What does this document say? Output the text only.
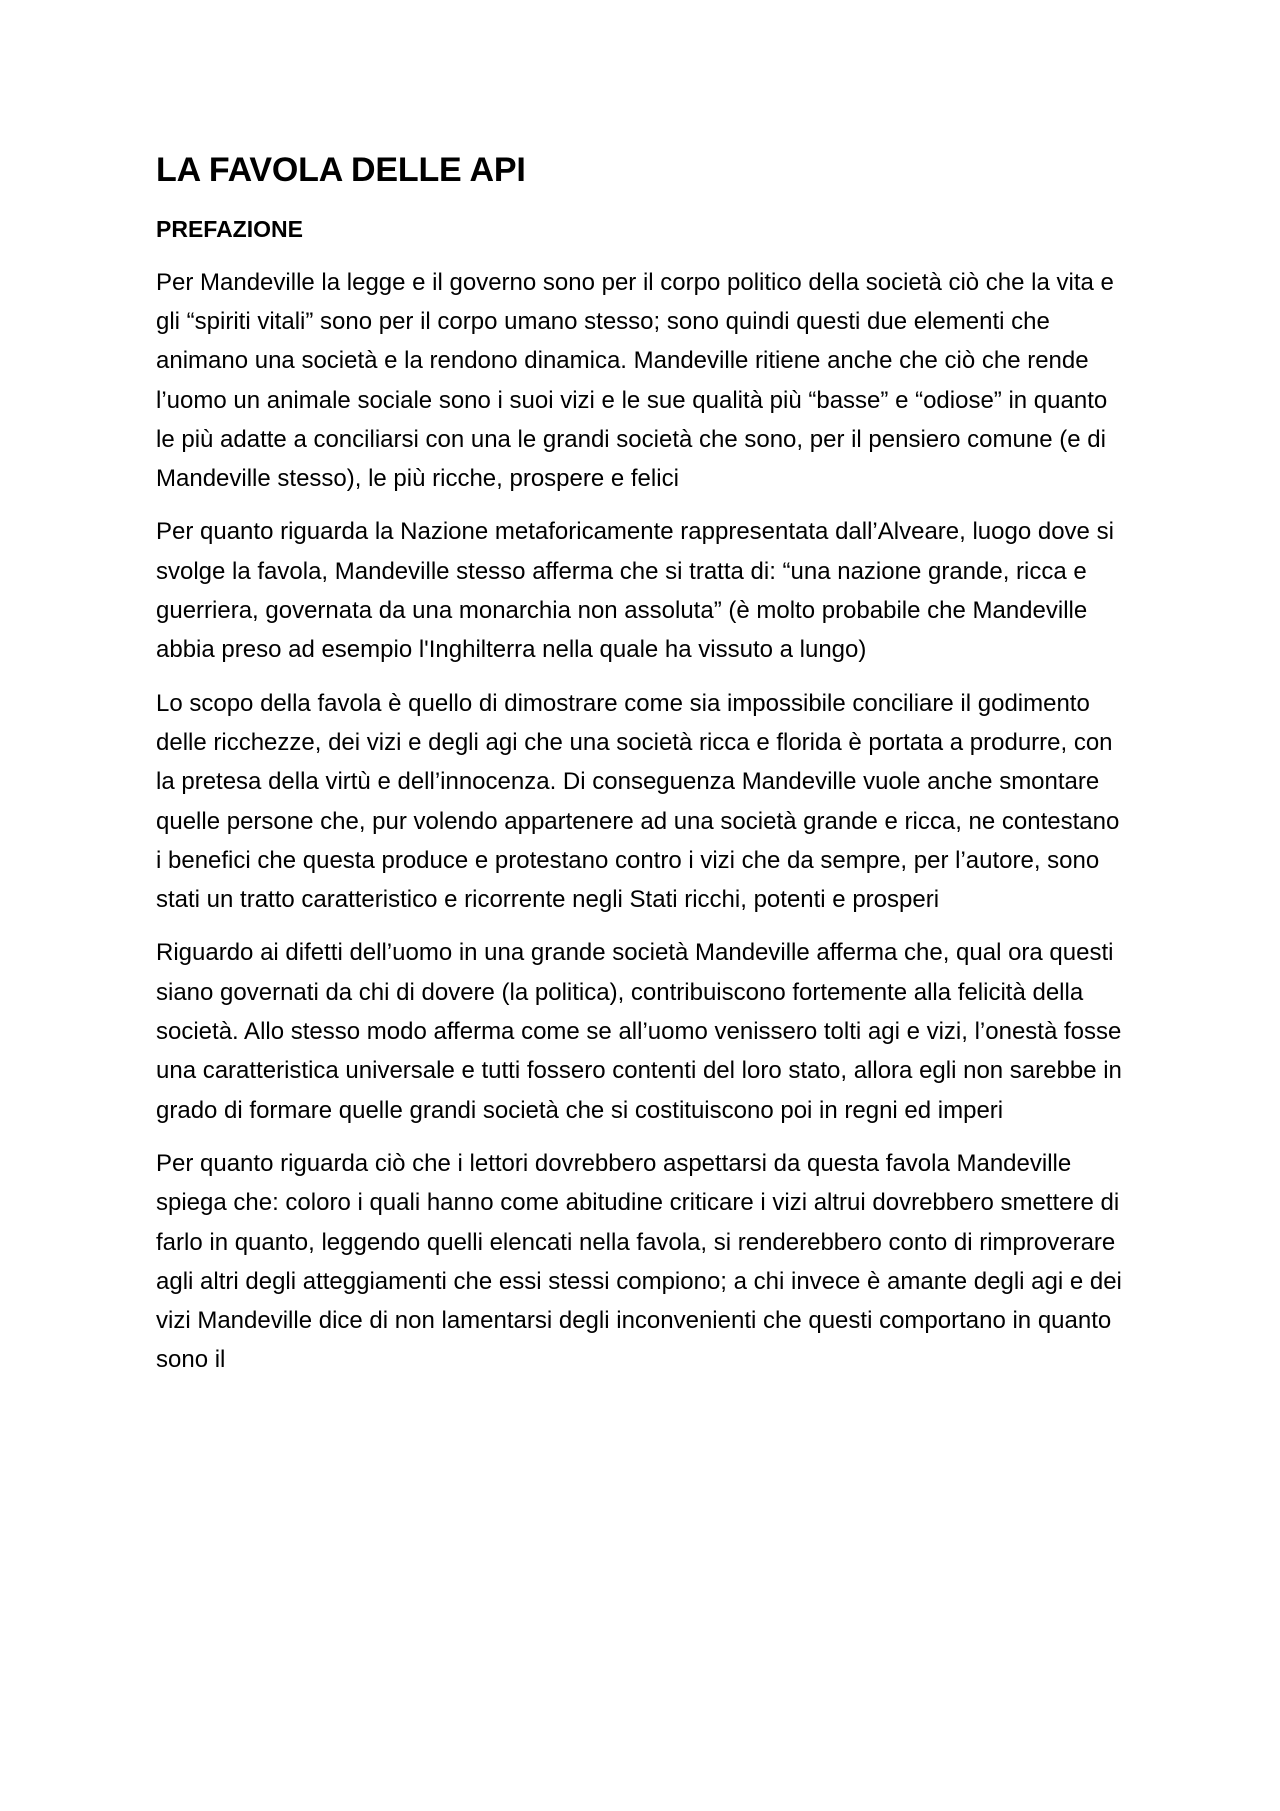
LA FAVOLA DELLE API
PREFAZIONE

Per Mandeville la legge e il governo sono per il corpo politico della società ciò che la vita e gli “spiriti vitali” sono per il corpo umano stesso; sono quindi questi due elementi che animano una società e la rendono dinamica. Mandeville ritiene anche che ciò che rende l’uomo un animale sociale sono i suoi vizi e le sue qualità più “basse” e “odiose” in quanto le più adatte a conciliarsi con una le grandi società che sono, per il pensiero comune (e di Mandeville stesso), le più ricche, prospere e felici

Per quanto riguarda la Nazione metaforicamente rappresentata dall’Alveare, luogo dove si svolge la favola, Mandeville stesso afferma che si tratta di: “una nazione grande, ricca e guerriera, governata da una monarchia non assoluta” (è molto probabile che Mandeville abbia preso ad esempio l'Inghilterra nella quale ha vissuto a lungo)

Lo scopo della favola è quello di dimostrare come sia impossibile conciliare il godimento delle ricchezze, dei vizi e degli agi che una società ricca e florida è portata a produrre, con la pretesa della virtù e dell’innocenza. Di conseguenza Mandeville vuole anche smontare quelle persone che, pur volendo appartenere ad una società grande e ricca, ne contestano i benefici che questa produce e protestano contro i vizi che da sempre, per l’autore, sono stati un tratto caratteristico e ricorrente negli Stati ricchi, potenti e prosperi

Riguardo ai difetti dell’uomo in una grande società Mandeville afferma che, qual ora questi siano governati da chi di dovere (la politica), contribuiscono fortemente alla felicità della società. Allo stesso modo afferma come se all’uomo venissero tolti agi e vizi, l’onestà fosse una caratteristica universale e tutti fossero contenti del loro stato, allora egli non sarebbe in grado di formare quelle grandi società che si costituiscono poi in regni ed imperi

Per quanto riguarda ciò che i lettori dovrebbero aspettarsi da questa favola Mandeville spiega che: coloro i quali hanno come abitudine criticare i vizi altrui dovrebbero smettere di farlo in quanto, leggendo quelli elencati nella favola, si renderebbero conto di rimproverare agli altri degli atteggiamenti che essi stessi compiono; a chi invece è amante degli agi e dei vizi Mandeville dice di non lamentarsi degli inconvenienti che questi comportano in quanto sono il
